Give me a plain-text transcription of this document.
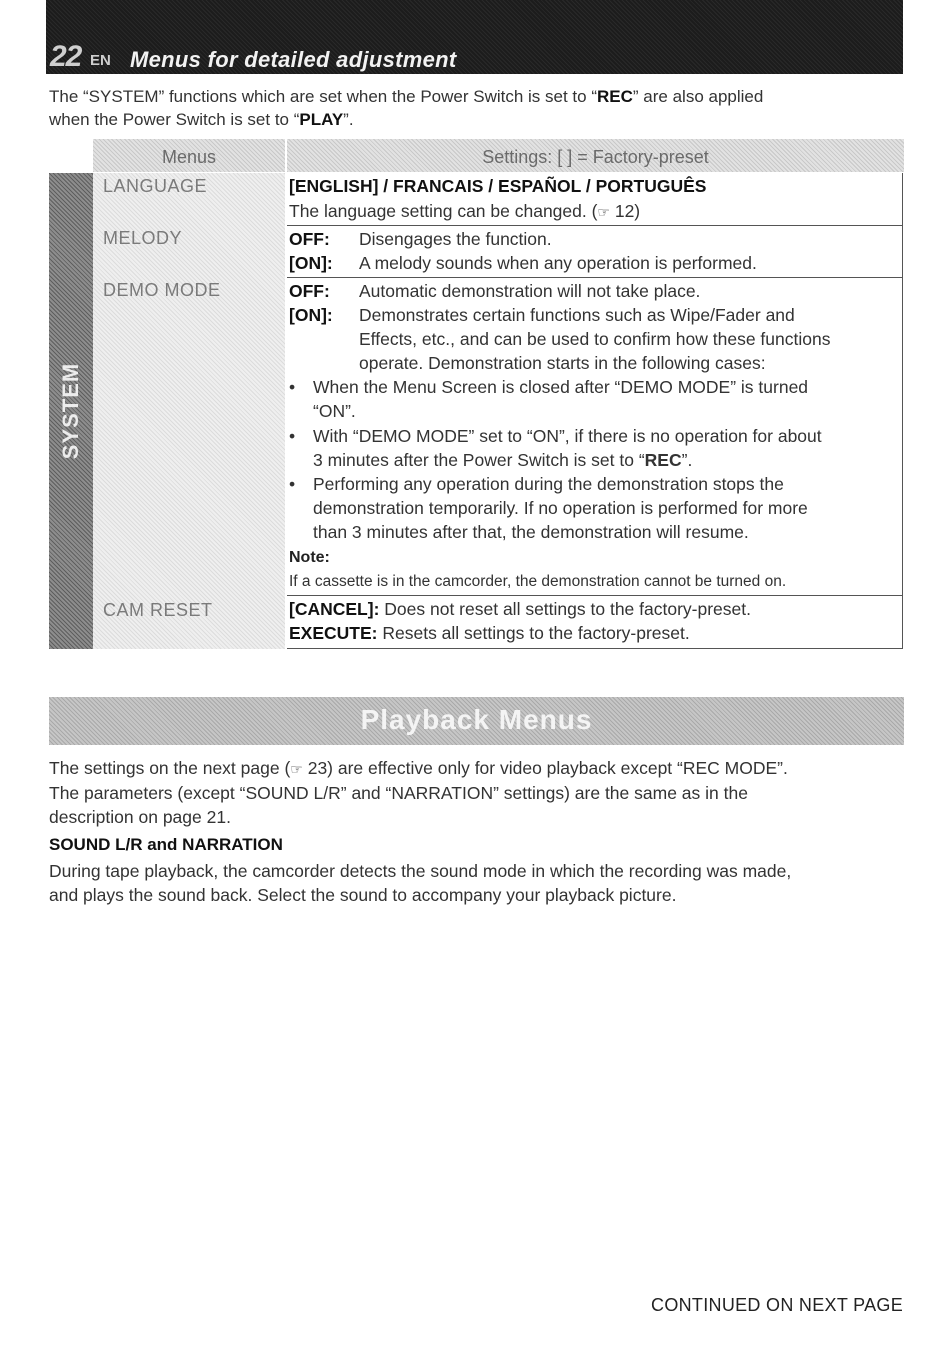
22 EN Menus for detailed adjustment
The “SYSTEM” functions which are set when the Power Switch is set to “REC” are also applied
when the Power Switch is set to “PLAY”.
Menus	Settings: [ ] = Factory-preset
SYSTEM
LANGUAGE
MELODY
DEMO MODE
CAM RESET
[ENGLISH] / FRANCAIS / ESPAÑOL / PORTUGUÊS
The language setting can be changed. (☞ 12)
OFF: Disengages the function.
[ON]: A melody sounds when any operation is performed.
OFF: Automatic demonstration will not take place.
[ON]: Demonstrates certain functions such as Wipe/Fader and
Effects, etc., and can be used to confirm how these functions
operate. Demonstration starts in the following cases:
• When the Menu Screen is closed after “DEMO MODE” is turned
“ON”.
• With “DEMO MODE” set to “ON”, if there is no operation for about
3 minutes after the Power Switch is set to “REC”.
• Performing any operation during the demonstration stops the
demonstration temporarily. If no operation is performed for more
than 3 minutes after that, the demonstration will resume.
Note:
If a cassette is in the camcorder, the demonstration cannot be turned on.
[CANCEL]: Does not reset all settings to the factory-preset.
EXECUTE: Resets all settings to the factory-preset.
Playback Menus
The settings on the next page (☞ 23) are effective only for video playback except “REC MODE”.
The parameters (except “SOUND L/R” and “NARRATION” settings) are the same as in the
description on page 21.
SOUND L/R and NARRATION
During tape playback, the camcorder detects the sound mode in which the recording was made,
and plays the sound back. Select the sound to accompany your playback picture.
CONTINUED ON NEXT PAGE
